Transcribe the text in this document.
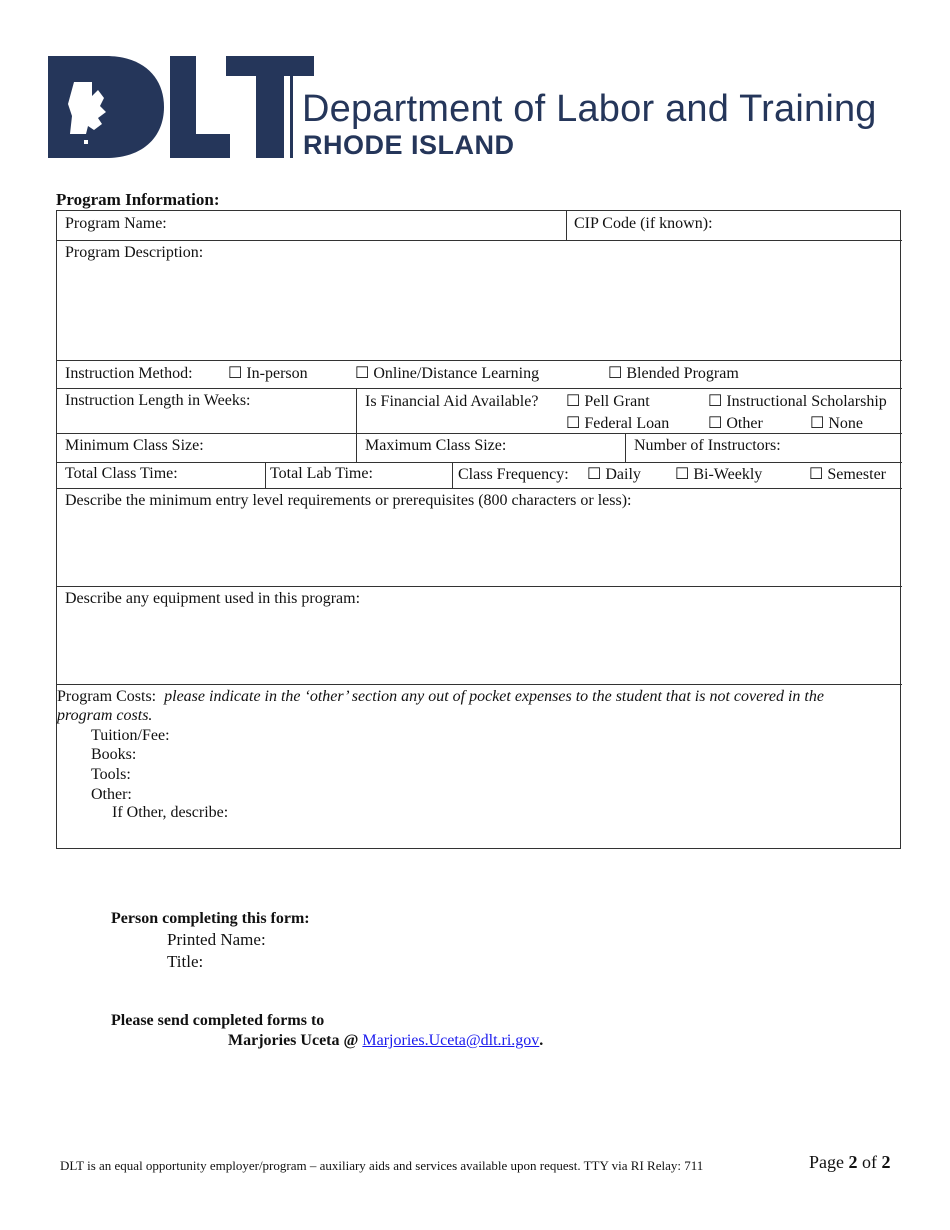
DLT
Department of Labor and Training
RHODE ISLAND
Program Information:
Program Name:	CIP Code (if known):
Program Description:
Instruction Method: ☐ In-person	☐ Online/Distance Learning	☐ Blended Program
Instruction Length in Weeks:	Is Financial Aid Available? ☐ Pell Grant	☐ Instructional Scholarship
☐ Federal Loan ☐ Other	☐ None
Minimum Class Size:	Maximum Class Size:	Number of Instructors:
Total Class Time:	Total Lab Time:	Class Frequency: ☐ Daily ☐ Bi-Weekly	☐ Semester
Describe the minimum entry level requirements or prerequisites (800 characters or less):
Describe any equipment used in this program:
Program Costs: please indicate in the ‘other’ section any out of pocket expenses to the student that is not covered in the
program costs.
Tuition/Fee:
Books:
Tools:
Other:
If Other, describe:
Person completing this form:
Printed Name:
Title:
Please send completed forms to
Marjories Uceta @ Marjories.Uceta@dlt.ri.gov.
DLT is an equal opportunity employer/program – auxiliary aids and services available upon request. TTY via RI Relay: 711	Page 2 of 2
